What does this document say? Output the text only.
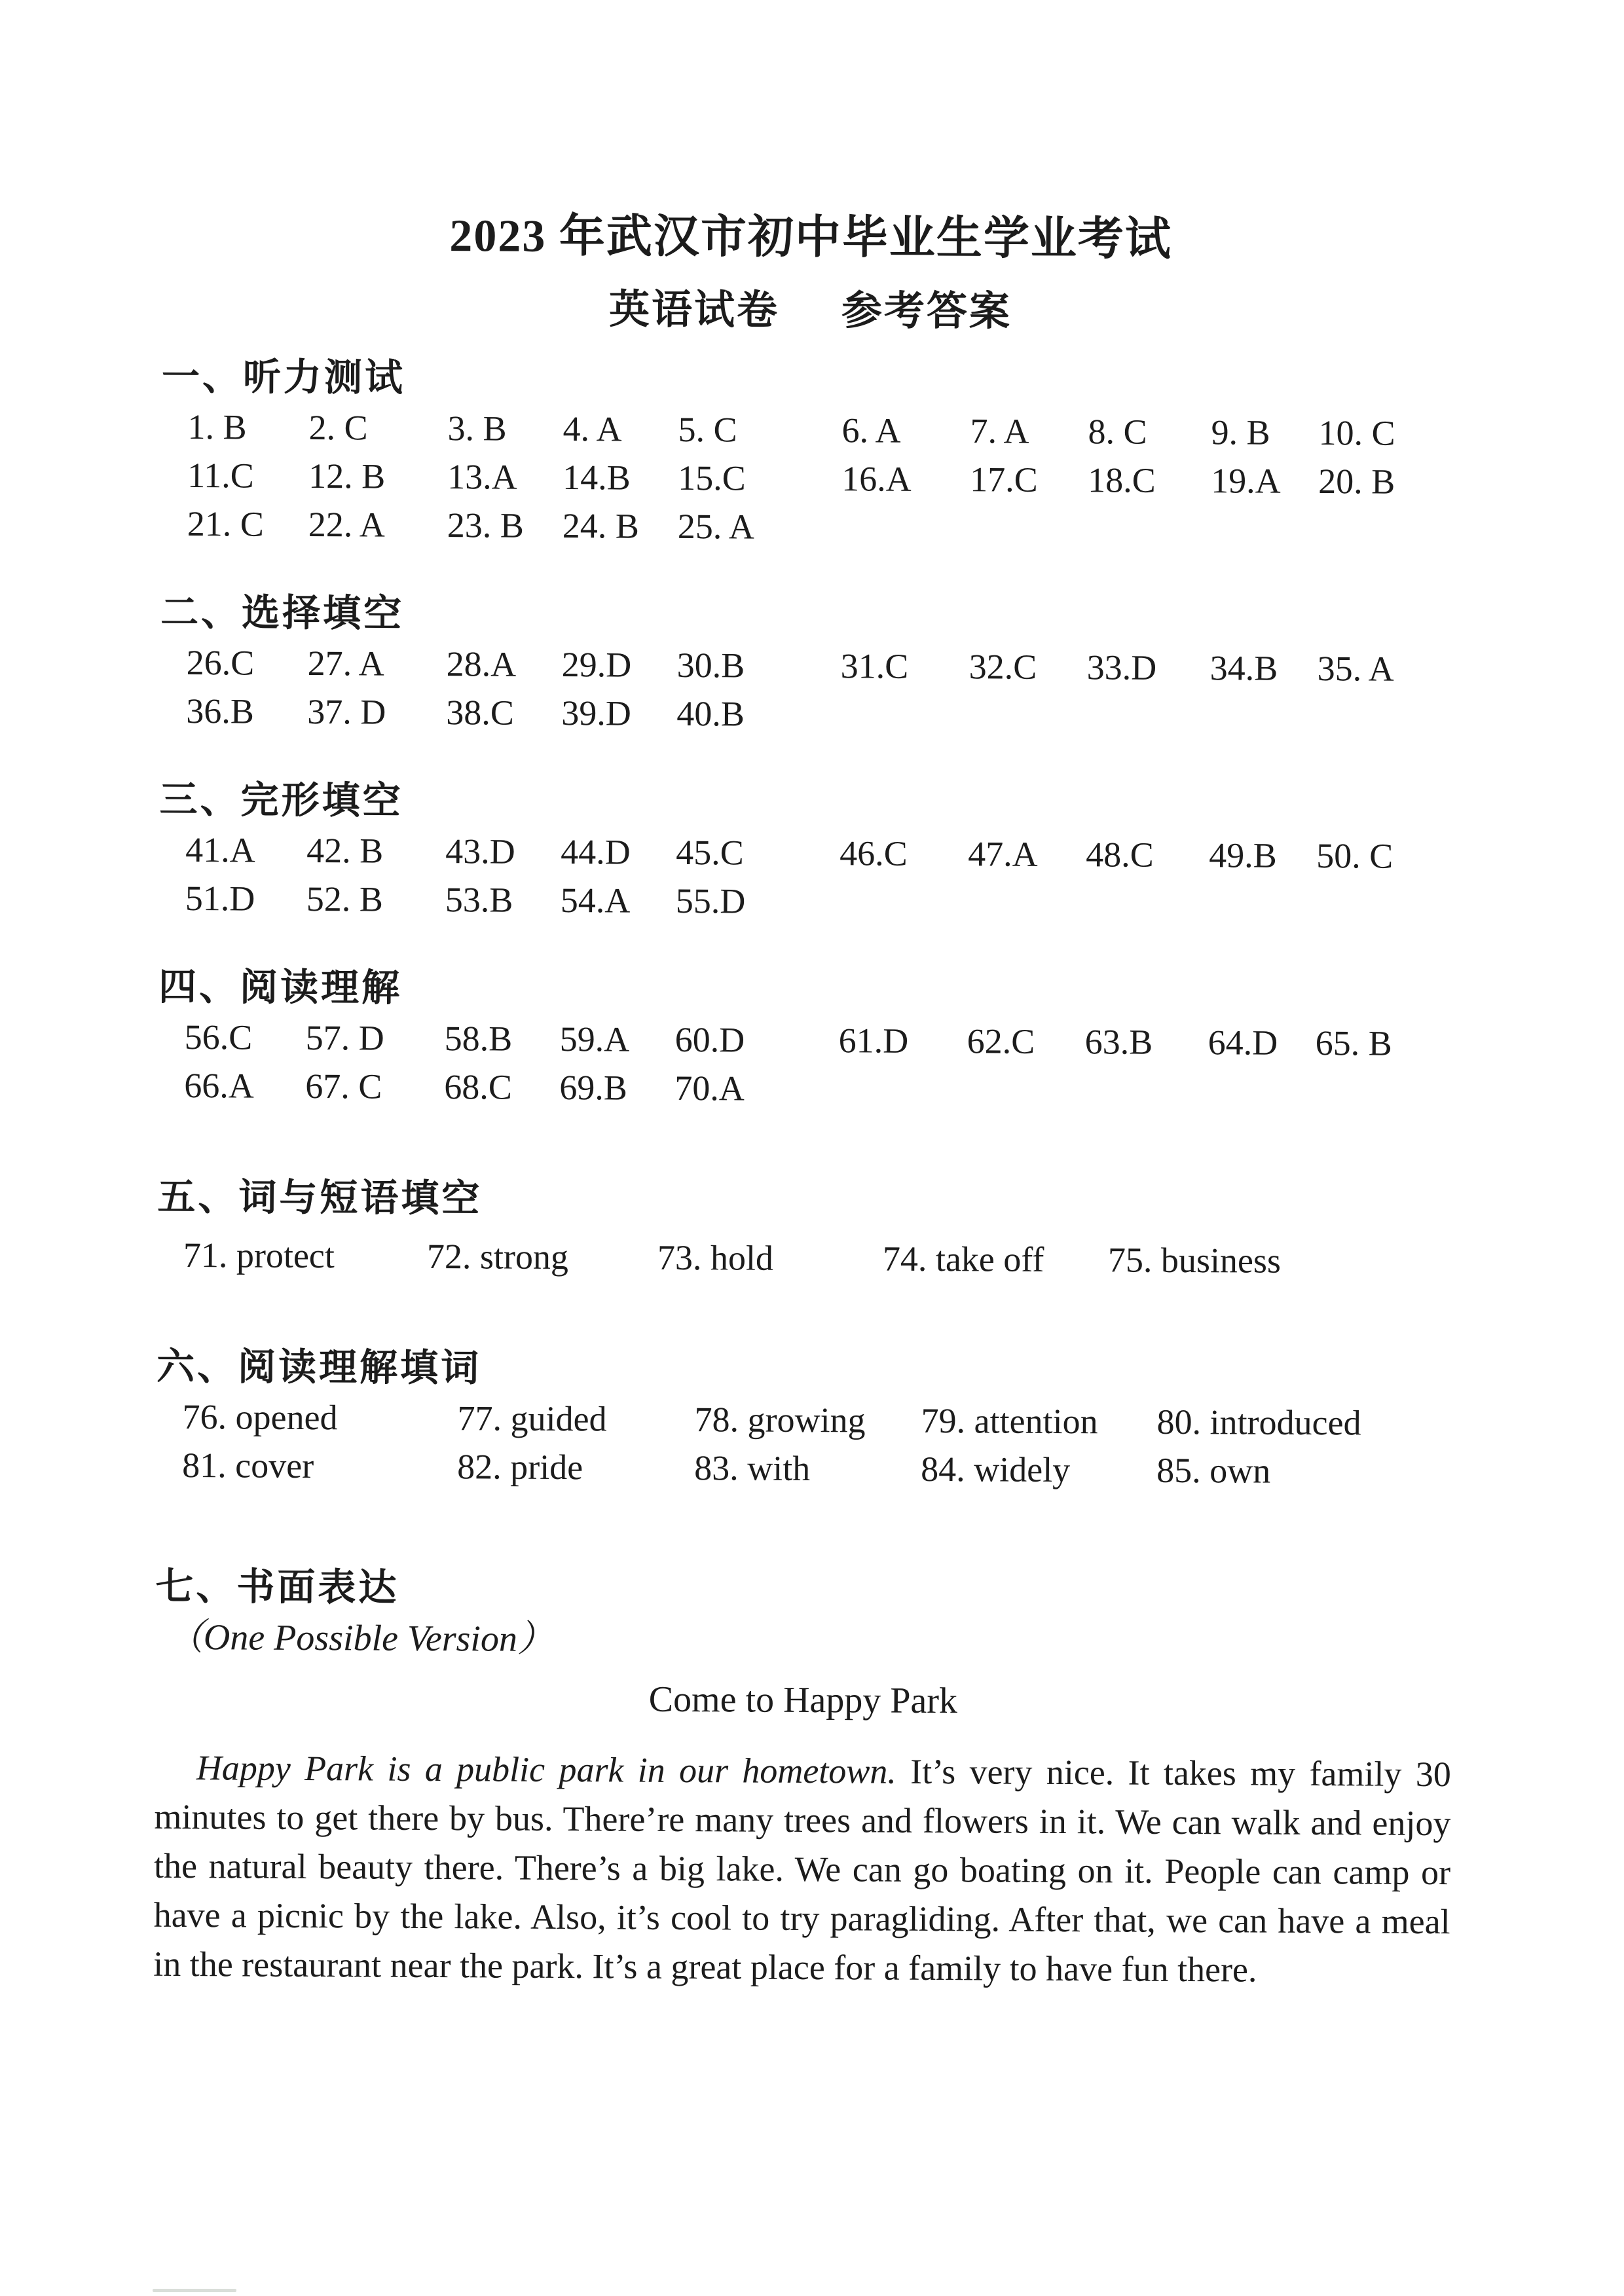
2023 年武汉市初中毕业生学业考试
英语试卷 参考答案
一、听力测试
1. B	2. C	3. B	4. A	5. C	6. A	7. A	8. C	9. B	10. C
11.C	12. B	13.A	14.B	15.C	16.A	17.C	18.C	19.A	20. B
21. C	22. A	23. B	24. B	25. A
二、选择填空
26.C	27. A	28.A	29.D	30.B	31.C	32.C	33.D	34.B	35. A
36.B	37. D	38.C	39.D	40.B
三、完形填空
41.A	42. B	43.D	44.D	45.C	46.C	47.A	48.C	49.B	50. C
51.D	52. B	53.B	54.A	55.D
四、阅读理解
56.C	57. D	58.B	59.A	60.D	61.D	62.C	63.B	64.D	65. B
66.A	67. C	68.C	69.B	70.A
五、词与短语填空
71. protect	72. strong	73. hold	74. take off	75. business
六、阅读理解填词
76. opened	77. guided	78. growing	79. attention	80. introduced
81. cover	82. pride	83. with	84. widely	85. own
七、书面表达
（One Possible Version）
Come to Happy Park

Happy Park is a public park in our hometown. It’s very nice. It takes my family 30 minutes to get there by bus. There’re many trees and flowers in it. We can walk and enjoy the natural beauty there. There’s a big lake. We can go boating on it. People can camp or have a picnic by the lake. Also, it’s cool to try paragliding. After that, we can have a meal in the restaurant near the park. It’s a great place for a family to have fun there.
